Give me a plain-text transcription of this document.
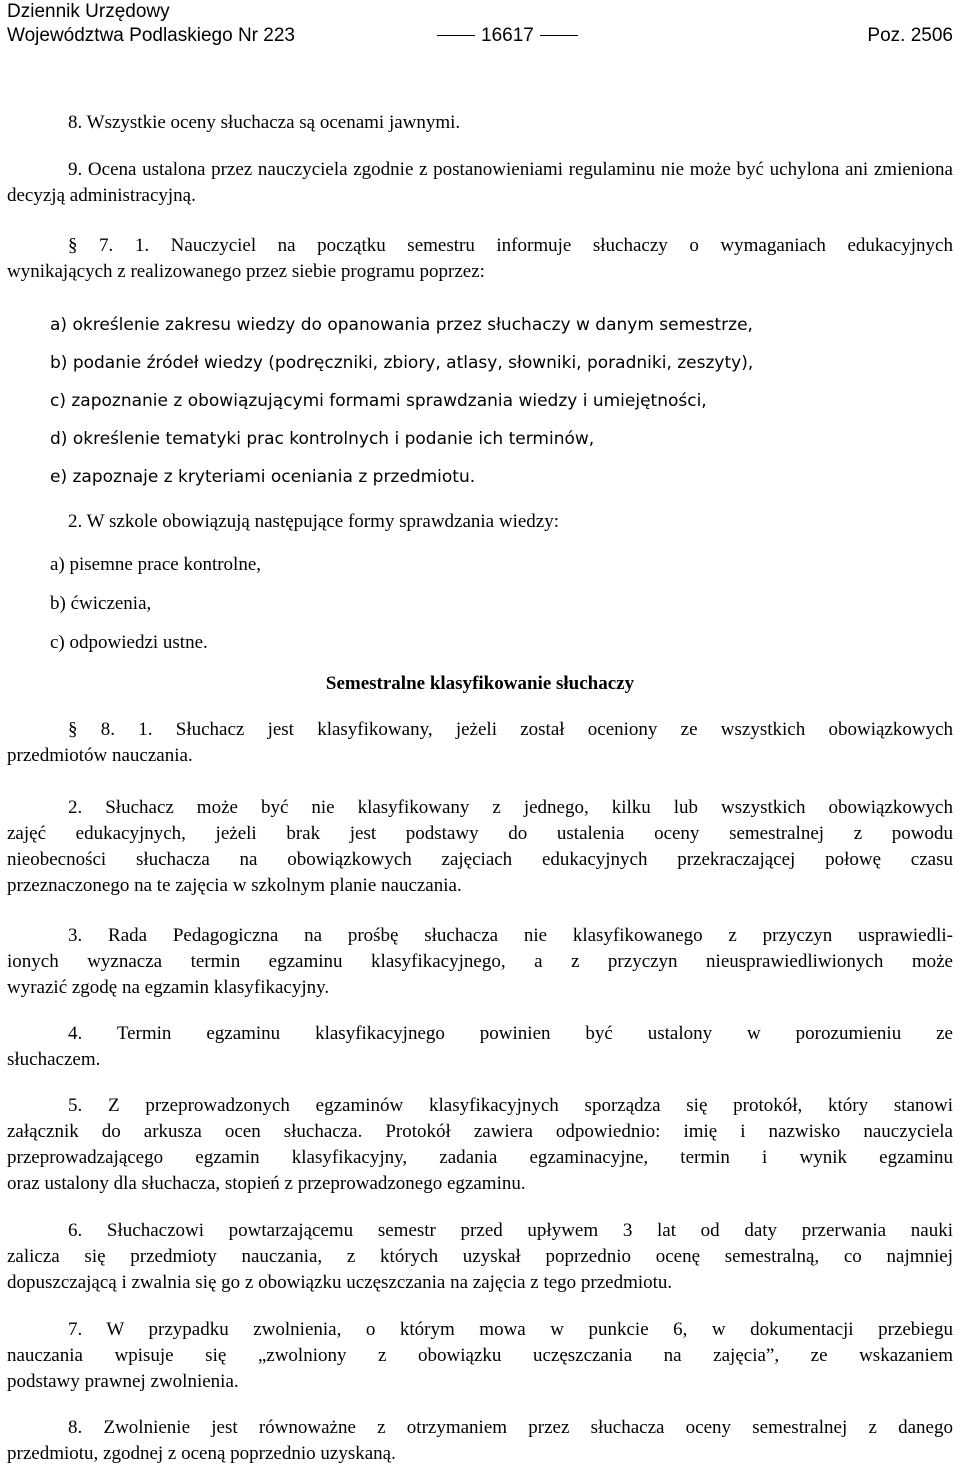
Dziennik Urzędowy
Województwa Podlaskiego Nr 223	16617	Poz. 2506

8. Wszystkie oceny słuchacza są ocenami jawnymi.

9. Ocena ustalona przez nauczyciela zgodnie z postanowieniami regulaminu nie może być uchylona ani zmieniona decyzją administracyjną.

§ 7. 1. Nauczyciel na początku semestru informuje słuchaczy o wymaganiach edukacyjnych
wynikających z realizowanego przez siebie programu poprzez:
a) określenie zakresu wiedzy do opanowania przez słuchaczy w danym semestrze,
b) podanie źródeł wiedzy (podręczniki, zbiory, atlasy, słowniki, poradniki, zeszyty),
c) zapoznanie z obowiązującymi formami sprawdzania wiedzy i umiejętności,
d) określenie tematyki prac kontrolnych i podanie ich terminów,
e) zapoznaje z kryteriami oceniania z przedmiotu.

2. W szkole obowiązują następujące formy sprawdzania wiedzy:

a) pisemne prace kontrolne,
b) ćwiczenia,
c) odpowiedzi ustne.
Semestralne klasyfikowanie słuchaczy
§ 8. 1. Słuchacz jest klasyfikowany, jeżeli został oceniony ze wszystkich obowiązkowych
przedmiotów nauczania.
2. Słuchacz może być nie klasyfikowany z jednego, kilku lub wszystkich obowiązkowych
zajęć edukacyjnych, jeżeli brak jest podstawy do ustalenia oceny semestralnej z powodu
nieobecności słuchacza na obowiązkowych zajęciach edukacyjnych przekraczającej połowę czasu
przeznaczonego na te zajęcia w szkolnym planie nauczania.
3. Rada Pedagogiczna na prośbę słuchacza nie klasyfikowanego z przyczyn usprawiedli-
ionych wyznacza termin egzaminu klasyfikacyjnego, a z przyczyn nieusprawiedliwionych może
wyrazić zgodę na egzamin klasyfikacyjny.
4. Termin egzaminu klasyfikacyjnego powinien być ustalony w porozumieniu ze
słuchaczem.
5. Z przeprowadzonych egzaminów klasyfikacyjnych sporządza się protokół, który stanowi
załącznik do arkusza ocen słuchacza. Protokół zawiera odpowiednio: imię i nazwisko nauczyciela
przeprowadzającego egzamin klasyfikacyjny, zadania egzaminacyjne, termin i wynik egzaminu
oraz ustalony dla słuchacza, stopień z przeprowadzonego egzaminu.
6. Słuchaczowi powtarzającemu semestr przed upływem 3 lat od daty przerwania nauki
zalicza się przedmioty nauczania, z których uzyskał poprzednio ocenę semestralną, co najmniej
dopuszczającą i zwalnia się go z obowiązku uczęszczania na zajęcia z tego przedmiotu.
7. W przypadku zwolnienia, o którym mowa w punkcie 6, w dokumentacji przebiegu
nauczania wpisuje się „zwolniony z obowiązku uczęszczania na zajęcia”, ze wskazaniem
podstawy prawnej zwolnienia.
8. Zwolnienie jest równoważne z otrzymaniem przez słuchacza oceny semestralnej z danego
przedmiotu, zgodnej z oceną poprzednio uzyskaną.
